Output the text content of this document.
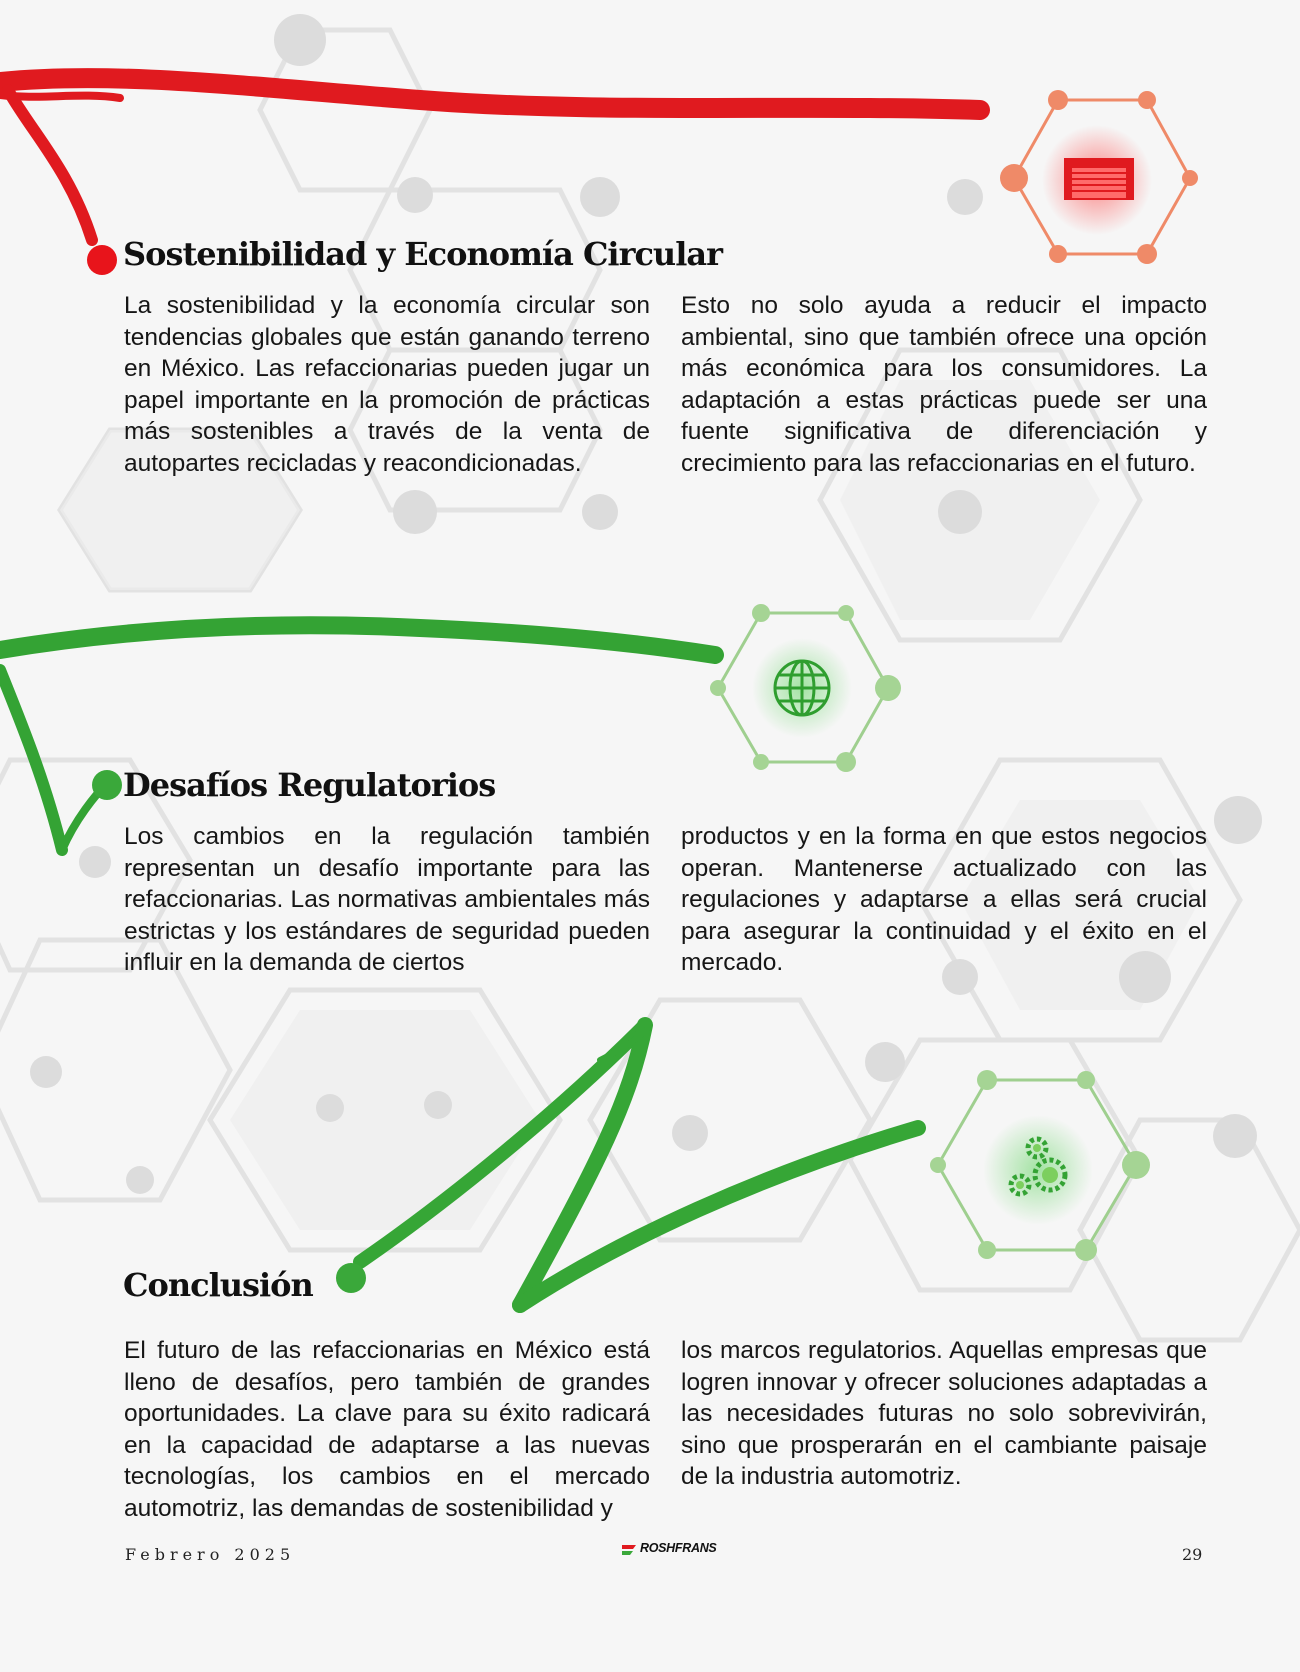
Sostenibilidad y Economía Circular

La sostenibilidad y la economía circular son tendencias globales que están ganando terreno en México. Las refaccionarias pueden jugar un papel importante en la promoción de prácticas más sostenibles a través de la venta de autopartes recicladas y reacondicionadas.

Esto no solo ayuda a reducir el impacto ambiental, sino que también ofrece una opción más económica para los consumidores. La adaptación a estas prácticas puede ser una fuente significativa de diferenciación y crecimiento para las refaccionarias en el futuro.

Desafíos Regulatorios

Los cambios en la regulación también representan un desafío importante para las refaccionarias. Las normativas ambientales más estrictas y los estándares de seguridad pueden influir en la demanda de ciertos

productos y en la forma en que estos negocios operan. Mantenerse actualizado con las regulaciones y adaptarse a ellas será crucial para asegurar la continuidad y el éxito en el mercado.

Conclusión

El futuro de las refaccionarias en México está lleno de desafíos, pero también de grandes oportunidades. La clave para su éxito radicará en la capacidad de adaptarse a las nuevas tecnologías, los cambios en el mercado automotriz, las demandas de sostenibilidad y

los marcos regulatorios. Aquellas empresas que logren innovar y ofrecer soluciones adaptadas a las necesidades futuras no solo sobrevivirán, sino que prosperarán en el cambiante paisaje de la industria automotriz.

Febrero 2025	ROSHFRANS	29
